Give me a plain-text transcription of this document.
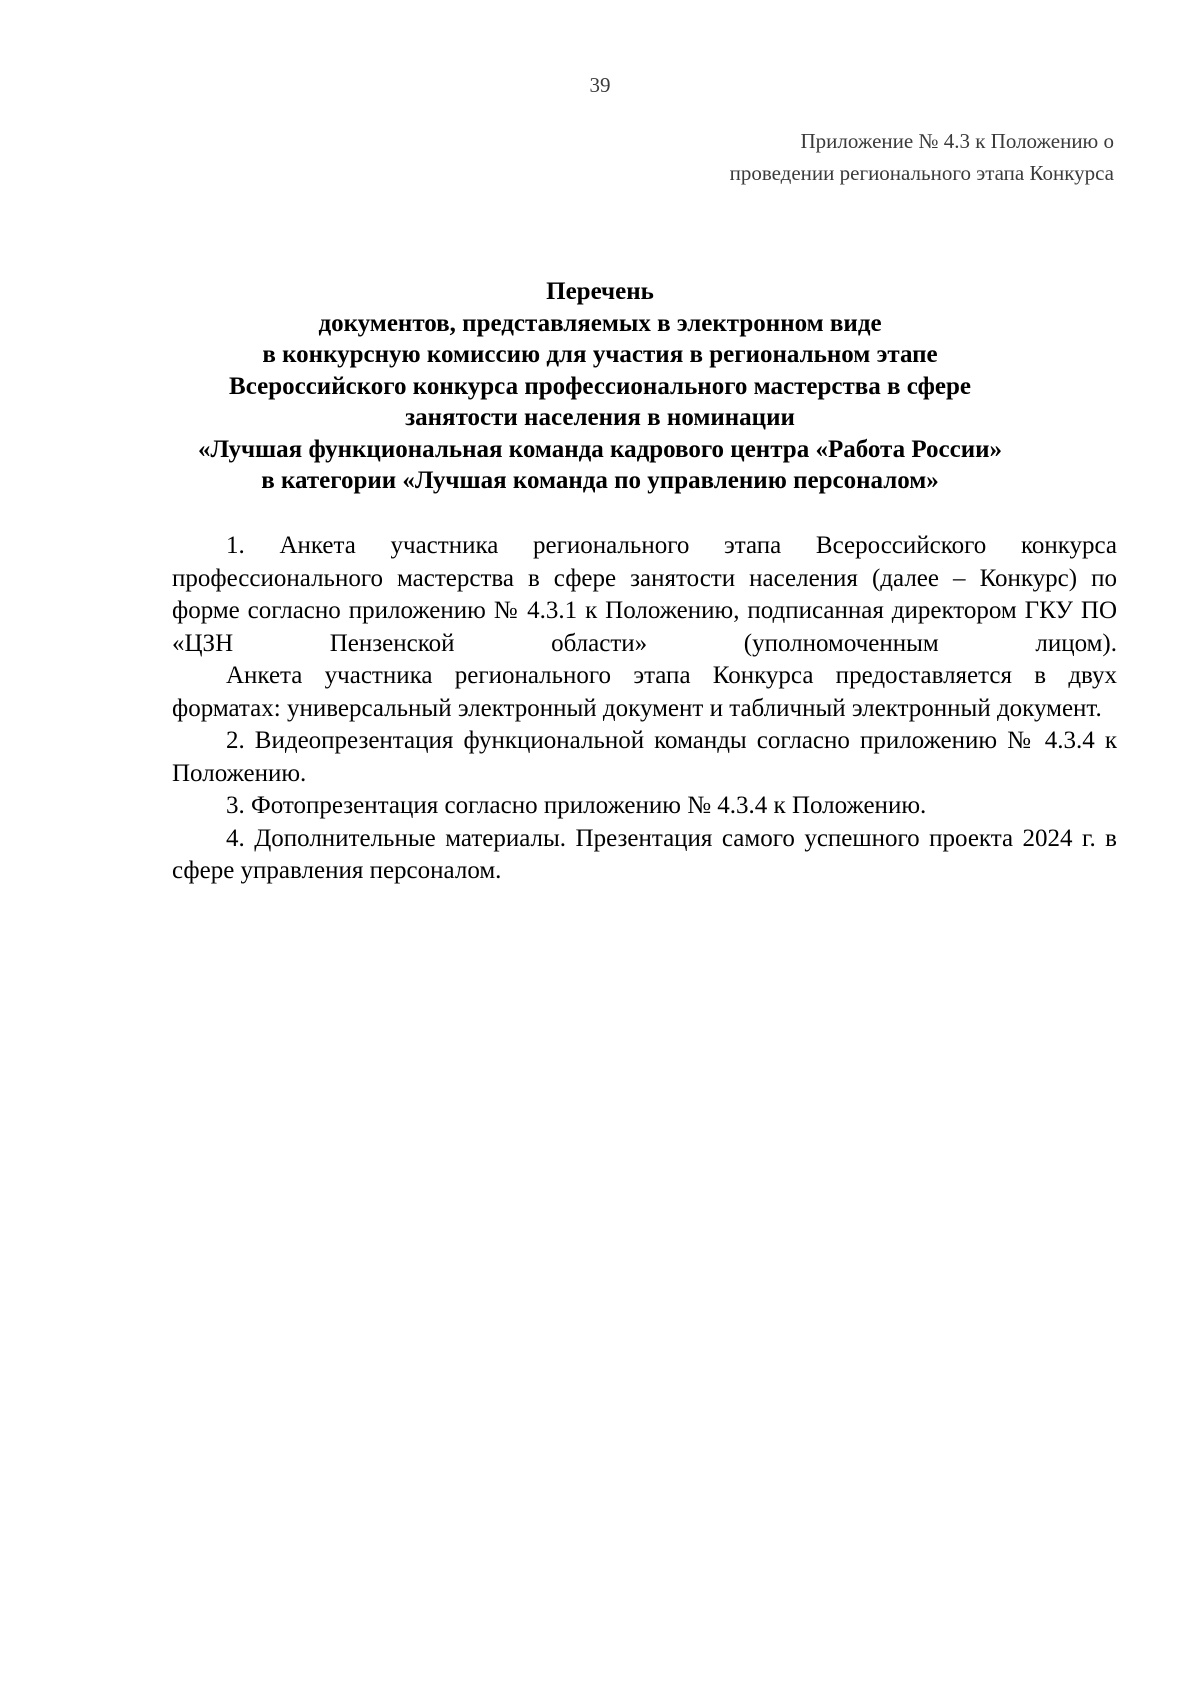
39
Приложение № 4.3 к Положению о
проведении регионального этапа Конкурса
Перечень
документов, представляемых в электронном виде
в конкурсную комиссию для участия в региональном этапе
Всероссийского конкурса профессионального мастерства в сфере
занятости населения в номинации
«Лучшая функциональная команда кадрового центра «Работа России»
в категории «Лучшая команда по управлению персоналом»

1. Анкета участника регионального этапа Всероссийского конкурса профессионального мастерства в сфере занятости населения (далее – Конкурс) по форме согласно приложению № 4.3.1 к Положению, подписанная директором ГКУ ПО «ЦЗН Пензенской области» (уполномоченным лицом).

Анкета участника регионального этапа Конкурса предоставляется в двух форматах: универсальный электронный документ и табличный электронный документ.

2. Видеопрезентация функциональной команды согласно приложению № 4.3.4 к Положению.

3. Фотопрезентация согласно приложению № 4.3.4 к Положению.

4. Дополнительные материалы. Презентация самого успешного проекта 2024 г. в сфере управления персоналом.
